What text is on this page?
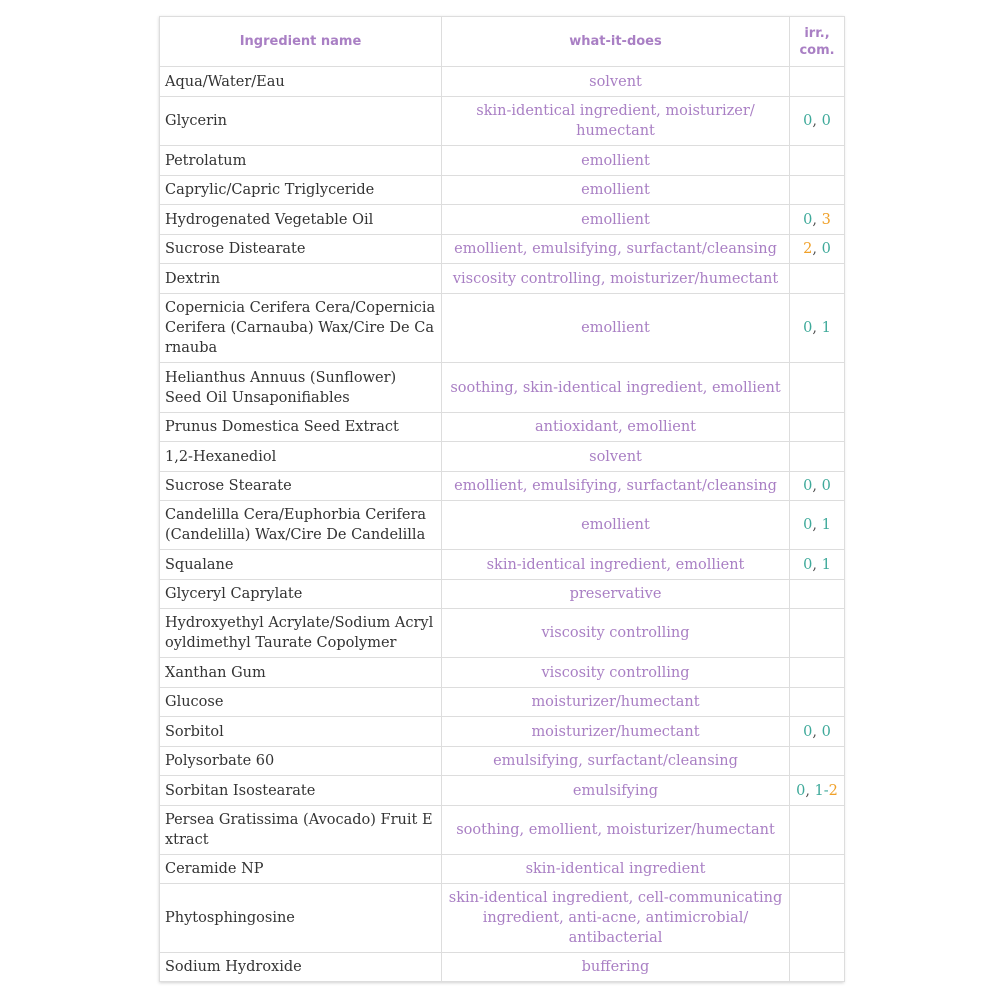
Ingredient name	what-it-does	irr., com.
Aqua/Water/Eau	solvent	
Glycerin	skin-identical ingredient, moisturizer/ humectant	0, 0
Petrolatum	emollient	
Caprylic/Capric Triglyceride	emollient	
Hydrogenated Vegetable Oil	emollient	0, 3
Sucrose Distearate	emollient, emulsifying, surfactant/cleansing	2, 0
Dextrin	viscosity controlling, moisturizer/humectant	
Copernicia Cerifera Cera/Copernicia Cerifera (Carnauba) Wax/Cire De Ca rnauba	emollient	0, 1
Helianthus Annuus (Sunflower) Seed Oil Unsaponifiables	soothing, skin-identical ingredient, emollient	
Prunus Domestica Seed Extract	antioxidant, emollient	
1,2-Hexanediol	solvent	
Sucrose Stearate	emollient, emulsifying, surfactant/cleansing	0, 0
Candelilla Cera/Euphorbia Cerifera (Candelilla) Wax/Cire De Candelilla	emollient	0, 1
Squalane	skin-identical ingredient, emollient	0, 1
Glyceryl Caprylate	preservative	
Hydroxyethyl Acrylate/Sodium Acryl oyldimethyl Taurate Copolymer	viscosity controlling	
Xanthan Gum	viscosity controlling	
Glucose	moisturizer/humectant	
Sorbitol	moisturizer/humectant	0, 0
Polysorbate 60	emulsifying, surfactant/cleansing	
Sorbitan Isostearate	emulsifying	0, 1-2
Persea Gratissima (Avocado) Fruit E xtract	soothing, emollient, moisturizer/humectant	
Ceramide NP	skin-identical ingredient	
Phytosphingosine	skin-identical ingredient, cell-communicating ingredient, anti-acne, antimicrobial/ antibacterial	
Sodium Hydroxide	buffering	
